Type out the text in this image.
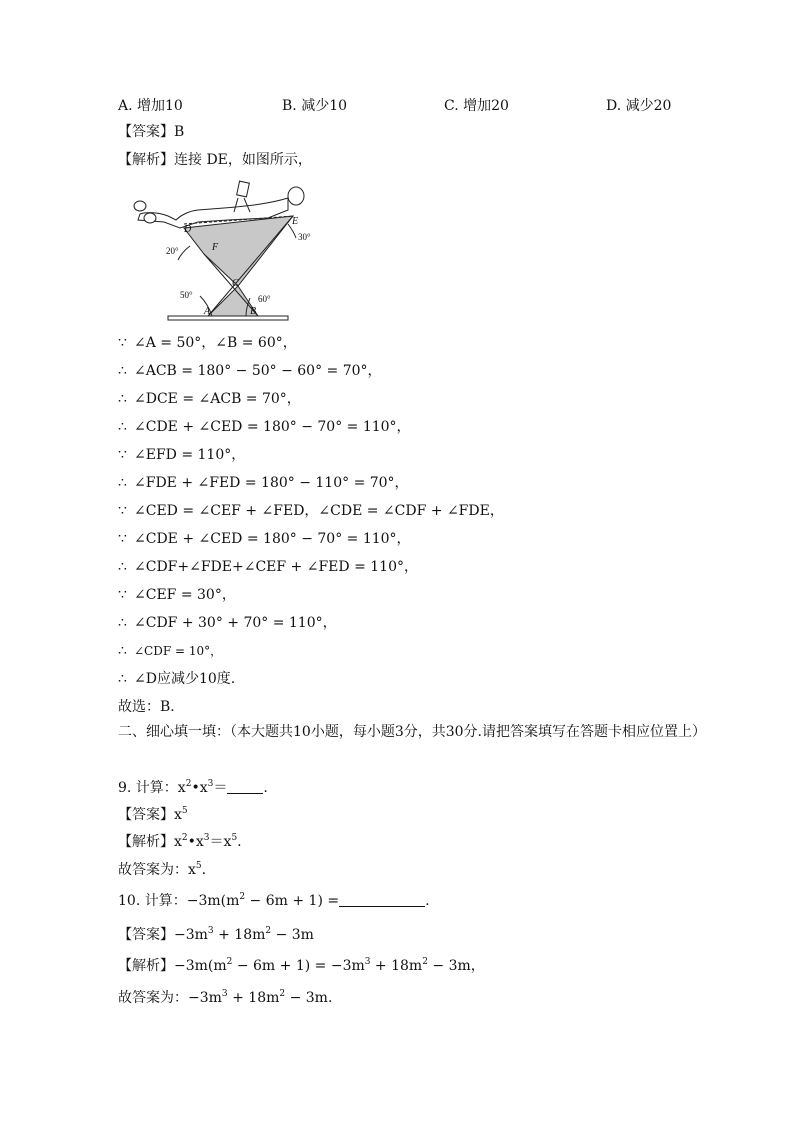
A. 增加10	B. 减少10	C. 增加20	D. 减少20
【答案】B
【解析】连接 DE，如图所示，
D
E
F
C
A	B
20°
30°
50°	60°
∵ ∠A = 50°，∠B = 60°，
∴ ∠ACB = 180° − 50° − 60° = 70°，
∴ ∠DCE = ∠ACB = 70°，
∴ ∠CDE + ∠CED = 180° − 70° = 110°，
∵ ∠EFD = 110°，
∴ ∠FDE + ∠FED = 180° − 110° = 70°，
∵ ∠CED = ∠CEF + ∠FED，∠CDE = ∠CDF + ∠FDE，
∵ ∠CDE + ∠CED = 180° − 70° = 110°，
∴ ∠CDF+∠FDE+∠CEF + ∠FED = 110°，
∵ ∠CEF = 30°，
∴ ∠CDF + 30° + 70° = 110°，
∴ ∠CDF = 10°，
∴ ∠D应减少10度.
故选：B．
二、细心填一填：（本大题共10小题，每小题3分，共30分.请把答案填写在答题卡相应位置上）
9. 计算：$x^2•x^3=$	.
【答案】$x^5$
【解析】$x^2•x^3=x^5$.
故答案为：$x^5$.
10. 计算：$-3m(m^2 - 6m + 1)$ =	.
【答案】$-3m^3 + 18m^2 - 3m$
【解析】$-3m(m^2 - 6m + 1) = -3m^3 + 18m^2 - 3m$，
故答案为：$-3m^3 + 18m^2 - 3m$.
